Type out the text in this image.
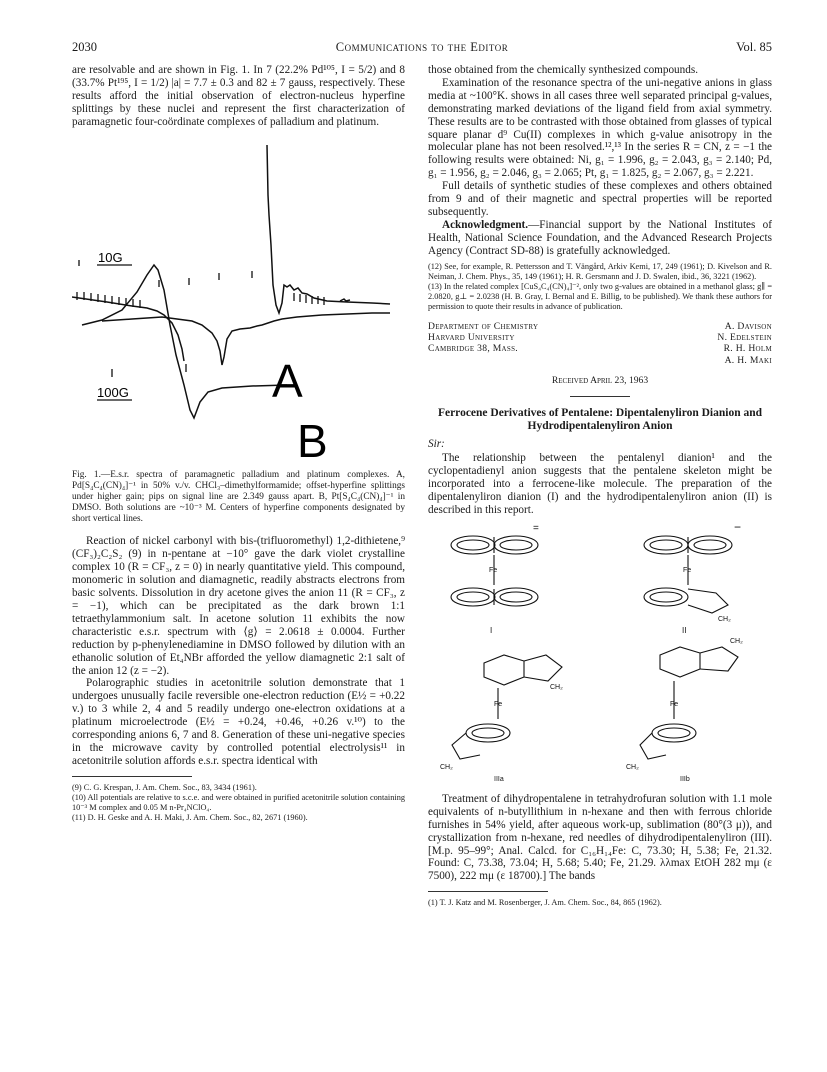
2030	Communications to the Editor	Vol. 85

are resolvable and are shown in Fig. 1. In 7 (22.2% Pd¹⁰⁵, I = 5/2) and 8 (33.7% Pt¹⁹⁵, I = 1/2) |a| = 7.7 ± 0.3 and 82 ± 7 gauss, respectively. These results afford the initial observation of electron-nucleus hyperfine splittings by these nuclei and represent the first characterization of paramagnetic four-coördinate complexes of palladium and platinum.

10G
100G	A
B

Fig. 1.—E.s.r. spectra of paramagnetic palladium and platinum complexes. A, Pd[S₄C₄(CN)₄]⁻¹ in 50% v./v. CHCl₃–dimethylformamide; offset-hyperfine splittings under higher gain; pips on signal line are 2.349 gauss apart. B, Pt[S₄C₄(CN)₄]⁻¹ in DMSO. Both solutions are ~10⁻³ M. Centers of hyperfine components designated by short vertical lines.

Reaction of nickel carbonyl with bis-(trifluoromethyl) 1,2-dithietene,⁹ (CF₃)₂C₂S₂ (9) in n-pentane at −10° gave the dark violet crystalline complex 10 (R = CF₃, z = 0) in nearly quantitative yield. This compound, monomeric in solution and diamagnetic, readily abstracts electrons from basic solvents. Dissolution in dry acetone gives the anion 11 (R = CF₃, z = −1), which can be precipitated as the dark brown 1:1 tetraethylammonium salt. In acetone solution 11 exhibits the now characteristic e.s.r. spectrum with ⟨g⟩ = 2.0618 ± 0.0004. Further reduction by p-phenylenediamine in DMSO followed by dilution with an ethanolic solution of Et₄NBr afforded the yellow diamagnetic 2:1 salt of the anion 12 (z = −2).

Polarographic studies in acetonitrile solution demonstrate that 1 undergoes unusually facile reversible one-electron reduction (E½ = +0.22 v.) to 3 while 2, 4 and 5 readily undergo one-electron oxidations at a platinum microelectrode (E½ = +0.24, +0.46, +0.26 v.¹⁰) to the corresponding anions 6, 7 and 8. Generation of these uni-negative species in the microwave cavity by controlled potential electrolysis¹¹ in acetonitrile solution affords e.s.r. spectra identical with

(9) C. G. Krespan, J. Am. Chem. Soc., 83, 3434 (1961).

(10) All potentials are relative to s.c.e. and were obtained in purified acetonitrile solution containing 10⁻³ M complex and 0.05 M n-Pr₄NClO₄.

(11) D. H. Geske and A. H. Maki, J. Am. Chem. Soc., 82, 2671 (1960).

those obtained from the chemically synthesized compounds.

Examination of the resonance spectra of the uni-negative anions in glass media at ~100°K. shows in all cases three well separated principal g-values, demonstrating marked deviations of the ligand field from axial symmetry. These results are to be contrasted with those obtained from glasses of typical square planar d⁹ Cu(II) complexes in which g-value anisotropy in the molecular plane has not been resolved.¹²,¹³ In the series R = CN, z = −1 the following results were obtained: Ni, g₁ = 1.996, g₂ = 2.043, g₃ = 2.140; Pd, g₁ = 1.956, g₂ = 2.046, g₃ = 2.065; Pt, g₁ = 1.825, g₂ = 2.067, g₃ = 2.221.

Full details of synthetic studies of these complexes and others obtained from 9 and of their magnetic and spectral properties will be reported subsequently.

Acknowledgment.—Financial support by the National Institutes of Health, National Science Foundation, and the Advanced Research Projects Agency (Contract SD-88) is gratefully acknowledged.

(12) See, for example, R. Pettersson and T. Vängård, Arkiv Kemi, 17, 249 (1961); D. Kivelson and R. Neiman, J. Chem. Phys., 35, 149 (1961); H. R. Gersmann and J. D. Swalen, ibid., 36, 3221 (1962).

(13) In the related complex [CuS₄C₄(CN)₄]⁻², only two g-values are obtained in a methanol glass; g∥ = 2.0820, g⊥ = 2.0238 (H. B. Gray, I. Bernal and E. Billig, to be published). We thank these authors for permission to quote their results in advance of publication.

Department of Chemistry
Harvard University
Cambridge 38, Mass.
A. Davison
N. Edelstein
R. H. Holm
A. H. Maki
Received April 23, 1963
Ferrocene Derivatives of Pentalene: Dipentalenyliron Dianion and Hydrodipentalenyliron Anion

Sir:

The relationship between the pentalenyl dianion¹ and the cyclopentadienyl anion suggests that the pentalene skeleton might be incorporated into a ferrocene-like molecule. The preparation of the dipentalenyliron dianion (I) and the hydrodipentalenyliron anion (II) is described in this report.

=	−
Fe	Fe
CH₂
I	II
CH₂
CH₂
Fe	Fe
CH₂	CH₂
IIIa	IIIb

Treatment of dihydropentalene in tetrahydrofuran solution with 1.1 mole equivalents of n-butyllithium in n-hexane and then with ferrous chloride furnishes in 54% yield, after aqueous work-up, sublimation (80°(3 μ)), and crystallization from n-hexane, red needles of dihydrodipentalenyliron (III). [M.p. 95–99°; Anal. Calcd. for C₁₆H₁₄Fe: C, 73.30; H, 5.38; Fe, 21.32. Found: C, 73.38, 73.04; H, 5.68; 5.40; Fe, 21.29. λλmax EtOH 282 mμ (ε 7500), 222 mμ (ε 18700).] The bands

(1) T. J. Katz and M. Rosenberger, J. Am. Chem. Soc., 84, 865 (1962).
